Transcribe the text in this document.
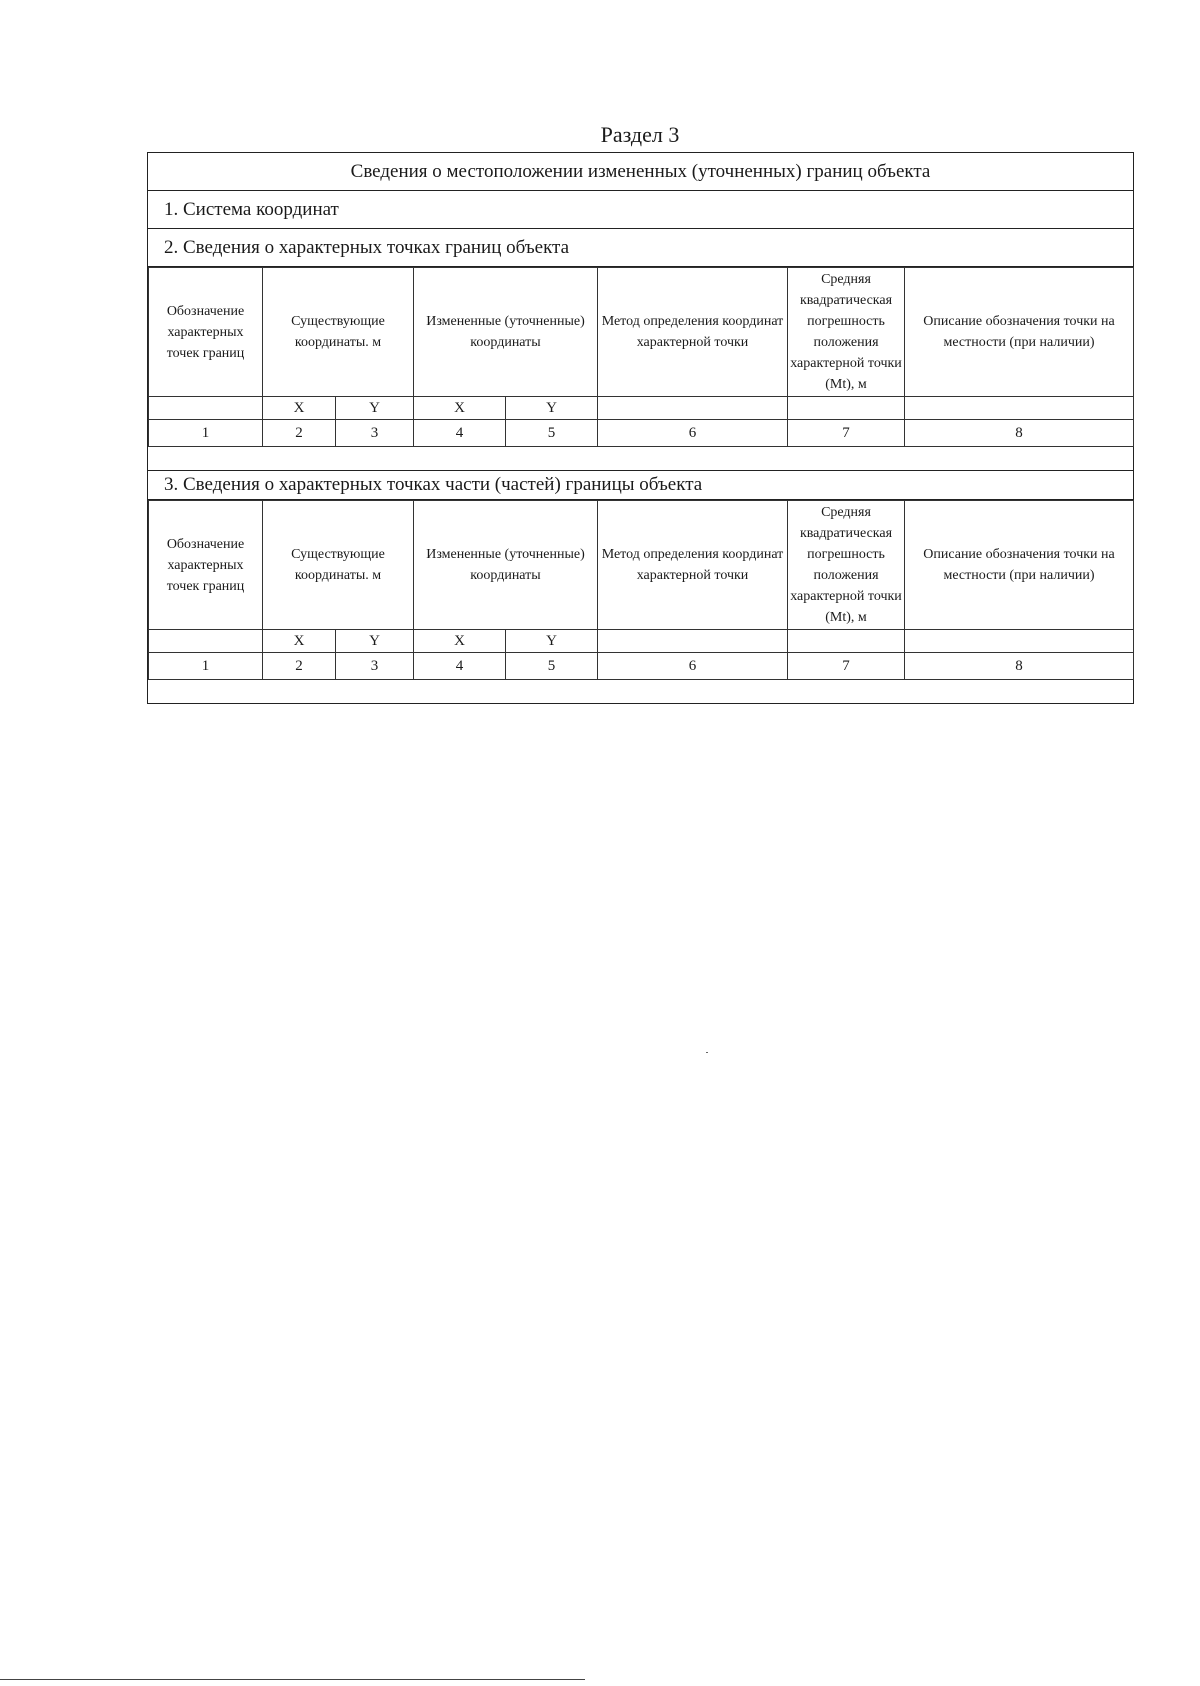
Раздел 3
Сведения о местоположении измененных (уточненных) границ объекта
1. Система координат
2. Сведения о характерных точках границ объекта
Обозначение характерных точек границ	Существующие координаты. м		Измененные (уточненные) координаты		Метод определения координат характерной точки	Средняя квадратическая погрешность положения характерной точки (Mt), м	Описание обозначения точки на местности (при наличии)
	X	Y	X	Y			
1	2	3	4	5	6	7	8
3. Сведения о характерных точках части (частей) границы объекта
Обозначение характерных точек границ	Существующие координаты. м		Измененные (уточненные) координаты		Метод определения координат характерной точки	Средняя квадратическая погрешность положения характерной точки (Mt), м	Описание обозначения точки на местности (при наличии)
	X	Y	X	Y			
1	2	3	4	5	6	7	8
